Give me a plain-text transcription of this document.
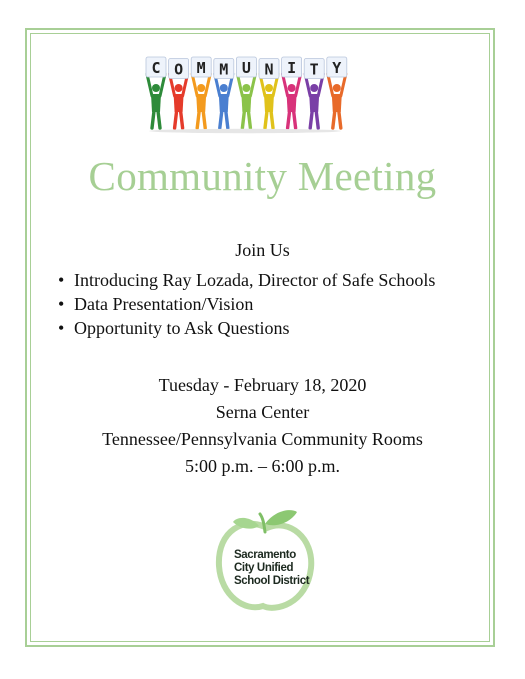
C O M M U N I T Y
Community Meeting
Join Us
• Introducing Ray Lozada, Director of Safe Schools
• Data Presentation/Vision
• Opportunity to Ask Questions
Tuesday - February 18, 2020
Serna Center
Tennessee/Pennsylvania Community Rooms
5:00 p.m. – 6:00 p.m.
Sacramento
City Unified
School District
